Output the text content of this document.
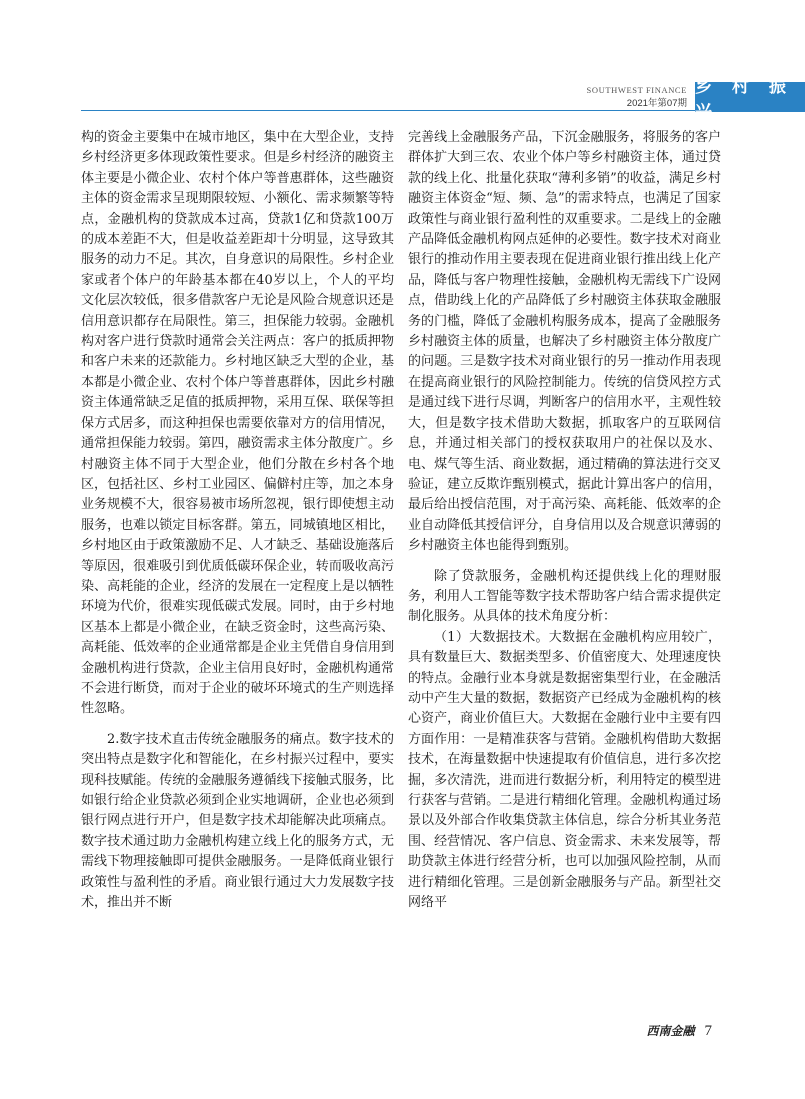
SOUTHWEST FINANCE
2021年第07期
乡 村 振 兴

构的资金主要集中在城市地区，集中在大型企业，支持乡村经济更多体现政策性要求。但是乡村经济的融资主体主要是小微企业、农村个体户等普惠群体，这些融资主体的资金需求呈现期限较短、小额化、需求频繁等特点，金融机构的贷款成本过高，贷款1亿和贷款100万的成本差距不大，但是收益差距却十分明显，这导致其服务的动力不足。其次，自身意识的局限性。乡村企业家或者个体户的年龄基本都在40岁以上，个人的平均文化层次较低，很多借款客户无论是风险合规意识还是信用意识都存在局限性。第三，担保能力较弱。金融机构对客户进行贷款时通常会关注两点：客户的抵质押物和客户未来的还款能力。乡村地区缺乏大型的企业，基本都是小微企业、农村个体户等普惠群体，因此乡村融资主体通常缺乏足值的抵质押物，采用互保、联保等担保方式居多，而这种担保也需要依靠对方的信用情况，通常担保能力较弱。第四，融资需求主体分散度广。乡村融资主体不同于大型企业，他们分散在乡村各个地区，包括社区、乡村工业园区、偏僻村庄等，加之本身业务规模不大，很容易被市场所忽视，银行即使想主动服务，也难以锁定目标客群。第五，同城镇地区相比，乡村地区由于政策激励不足、人才缺乏、基础设施落后等原因，很难吸引到优质低碳环保企业，转而吸收高污染、高耗能的企业，经济的发展在一定程度上是以牺牲环境为代价，很难实现低碳式发展。同时，由于乡村地区基本上都是小微企业，在缺乏资金时，这些高污染、高耗能、低效率的企业通常都是企业主凭借自身信用到金融机构进行贷款，企业主信用良好时，金融机构通常不会进行断贷，而对于企业的破坏环境式的生产则选择性忽略。

2.数字技术直击传统金融服务的痛点。数字技术的突出特点是数字化和智能化，在乡村振兴过程中，要实现科技赋能。传统的金融服务遵循线下接触式服务，比如银行给企业贷款必须到企业实地调研，企业也必须到银行网点进行开户，但是数字技术却能解决此项痛点。数字技术通过助力金融机构建立线上化的服务方式，无需线下物理接触即可提供金融服务。一是降低商业银行政策性与盈利性的矛盾。商业银行通过大力发展数字技术，推出并不断

完善线上金融服务产品，下沉金融服务，将服务的客户群体扩大到三农、农业个体户等乡村融资主体，通过贷款的线上化、批量化获取“薄利多销”的收益，满足乡村融资主体资金“短、频、急”的需求特点，也满足了国家政策性与商业银行盈利性的双重要求。二是线上的金融产品降低金融机构网点延伸的必要性。数字技术对商业银行的推动作用主要表现在促进商业银行推出线上化产品，降低与客户物理性接触，金融机构无需线下广设网点，借助线上化的产品降低了乡村融资主体获取金融服务的门槛，降低了金融机构服务成本，提高了金融服务乡村融资主体的质量，也解决了乡村融资主体分散度广的问题。三是数字技术对商业银行的另一推动作用表现在提高商业银行的风险控制能力。传统的信贷风控方式是通过线下进行尽调，判断客户的信用水平，主观性较大，但是数字技术借助大数据，抓取客户的互联网信息，并通过相关部门的授权获取用户的社保以及水、电、煤气等生活、商业数据，通过精确的算法进行交叉验证，建立反欺诈甄别模式，据此计算出客户的信用，最后给出授信范围，对于高污染、高耗能、低效率的企业自动降低其授信评分，自身信用以及合规意识薄弱的乡村融资主体也能得到甄别。

除了贷款服务，金融机构还提供线上化的理财服务，利用人工智能等数字技术帮助客户结合需求提供定制化服务。从具体的技术角度分析：

（1）大数据技术。大数据在金融机构应用较广，具有数量巨大、数据类型多、价值密度大、处理速度快的特点。金融行业本身就是数据密集型行业，在金融活动中产生大量的数据，数据资产已经成为金融机构的核心资产，商业价值巨大。大数据在金融行业中主要有四方面作用：一是精准获客与营销。金融机构借助大数据技术，在海量数据中快速提取有价值信息，进行多次挖掘，多次清洗，进而进行数据分析，利用特定的模型进行获客与营销。二是进行精细化管理。金融机构通过场景以及外部合作收集贷款主体信息，综合分析其业务范围、经营情况、客户信息、资金需求、未来发展等，帮助贷款主体进行经营分析，也可以加强风险控制，从而进行精细化管理。三是创新金融服务与产品。新型社交网络平

西南金融 7
